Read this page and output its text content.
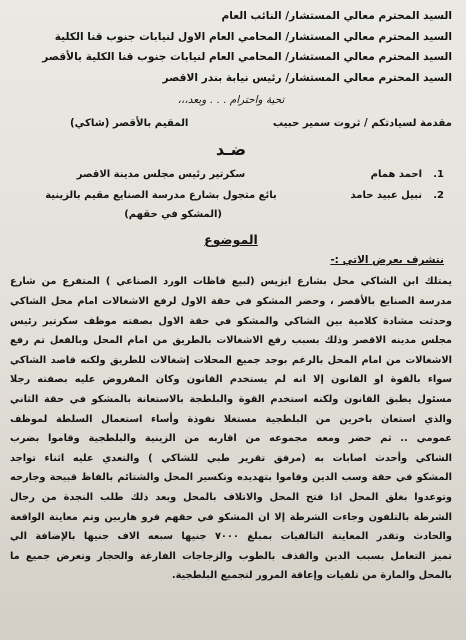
السيد المحترم معالي المستشار/ النائب العام
السيد المحترم معالي المستشار/ المحامي العام الاول لنيابات جنوب قنا الكلية
السيد المحترم معالي المستشار/ المحامي العام لنيابات جنوب قنا الكلية بالأقصر
السيد المحترم معالي المستشار/ رئيس نيابة بندر الاقصر
تحية واحترام . . . وبعد،،،
مقدمة لسيادتكم / ثروت سمير حبيب
المقيم بالأقصر (شاكي)
ضـد
1.
احمد همام
سكرتير رئيس مجلس مدينة الاقصر
2.
نبيل عبيد حامد
بائع متجول بشارع مدرسة الصنايع مقيم بالزينية
(المشكو في حقهم)
الموضوع
نتشرف بعرض الاتي :-
يمتلك ابن الشاكي محل بشارع ايزيس (لبيع فاظات الورد الصناعي ) المتفرع من شارع
مدرسة الصنايع بالأقصر ، وحضر المشكو في حقة الاول لرفع الاشغالات امام محل الشاكي
وحدثت مشادة كلامية بين الشاكي والمشكو في حقة الاول بصفته موظف سكرتير رئيس
مجلس مدينه الاقصر وذلك بسبب رفع الاشغالات بالطريق من امام المحل وبالفعل تم رفع
الاشغالات من امام المحل بالرغم بوجد جميع المحلات إشغالات للطريق ولكنه قاصد الشاكي
سواء بالقوة او القانون إلا انه لم يستخدم القانون وكان المفروض عليه بصفته رجلا
مسئول يطبق القانون ولكنه استخدم القوة والبلطجة بالاستعانة بالمشكو في حقة الثاني
والذي استعان باخرين من البلطجية مستغلا نفوذة وأساء استعمال السلطة لموظف
عمومي .. ثم حضر ومعه مجموعه من اقاربه من الزينية والبلطجية وقاموا بضرب
الشاكي وأحدث اصابات به (مرفق تقرير طبي للشاكي ) والتعدي عليه اثناء تواجد
المشكو في حقة وسب الدين وقاموا بتهديده وتكسير المحل والشتائم بالفاظ قبيحة وجارحه
وتوعدوا بغلق المحل اذا فتح المحل والاتلاف بالمحل وبعد ذلك طلب النجدة من رجال
الشرطة بالتلفون وجاءت الشرطة إلا ان المشكو في حقهم فرو هاربين وتم معاينة الواقعة
والحادث وتقدر المعاينة التالفيات بمبلغ ٧٠٠٠ جنيها سبعه الاف جنيها بالإضافة الي
تميز التعامل بسبب الدين والقذف بالطوب والزجاجات الفارغة والحجار وتعرض جميع ما
بالمحل والمارة من تلفيات وإعاقة المرور لتجميع البلطجية.
